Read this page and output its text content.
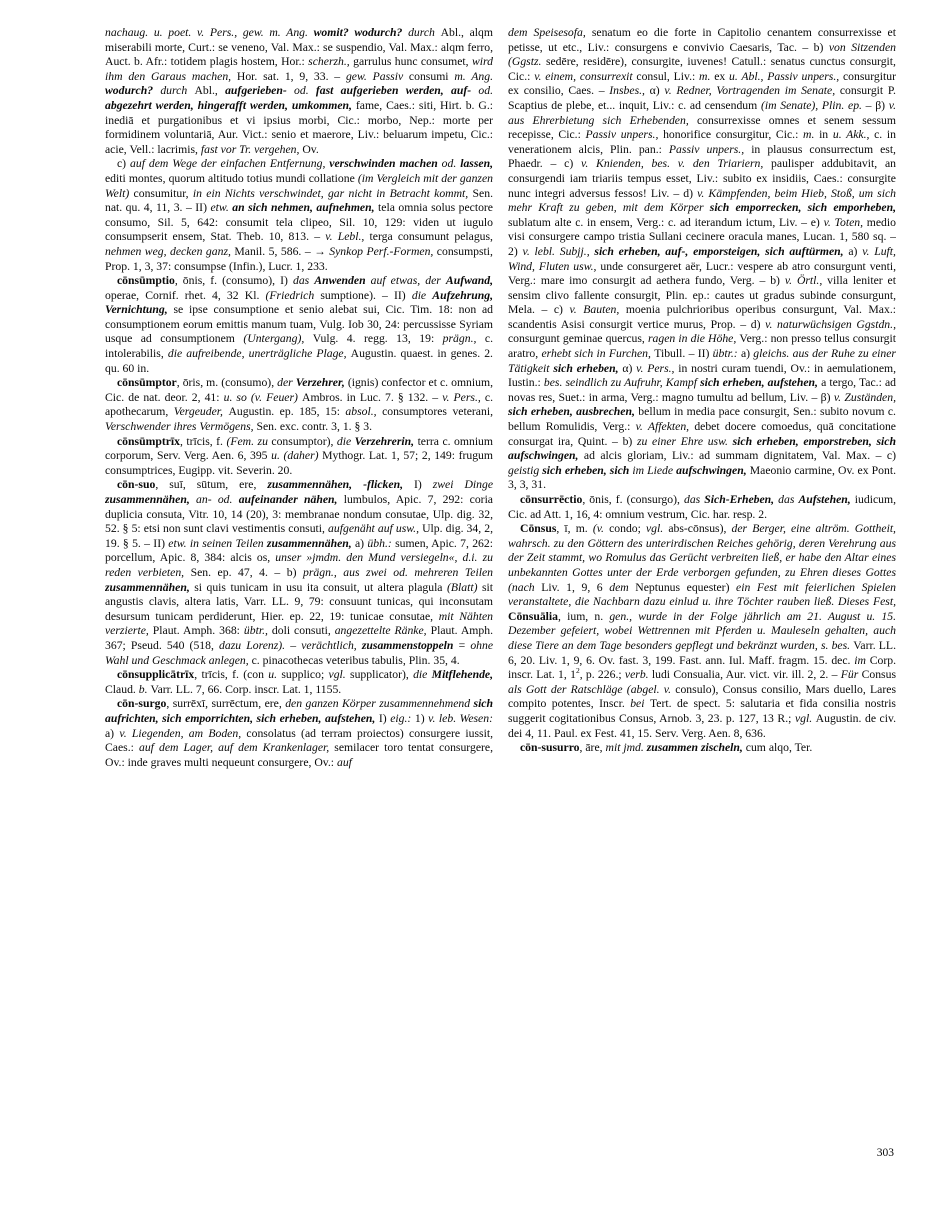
nachaug. u. poet. v. Pers., gew. m. Ang. womit? wodurch? durch Abl., alqm miserabili morte, Curt.: se veneno, Val. Max.: se suspendio, Val. Max.: alqm ferro, Auct. b. Afr.: totidem plagis hostem, Hor.: scherzh., garrulus hunc consumet, wird ihm den Garaus machen, Hor. sat. 1, 9, 33. – gew. Passiv consumi m. Ang. wodurch? durch Abl., aufgerieben- od. fast aufgerieben werden, auf- od. abgezehrt werden, hingerafft werden, umkommen, fame, Caes.: siti, Hirt. b. G.: inediā et purgationibus et vi ipsius morbi, Cic.: morbo, Nep.: morte per formidinem voluntariā, Aur. Vict.: senio et maerore, Liv.: beluarum impetu, Cic.: acie, Vell.: lacrimis, fast vor Tr. vergehen, Ov.

c) auf dem Wege der einfachen Entfernung, verschwinden machen od. lassen, editi montes, quorum altitudo totius mundi collatione (im Vergleich mit der ganzen Welt) consumitur, in ein Nichts verschwindet, gar nicht in Betracht kommt, Sen. nat. qu. 4, 11, 3. – II) etw. an sich nehmen, aufnehmen, tela omnia solus pectore consumo, Sil. 5, 642: consumit tela clipeo, Sil. 10, 129: viden ut iugulo consumpserit ensem, Stat. Theb. 10, 813. – v. Lebl., terga consumunt pelagus, nehmen weg, decken ganz, Manil. 5, 586. – → Synkop Perf.-Formen, consumpsti, Prop. 1, 3, 37: consumpse (Infin.), Lucr. 1, 233.

cōnsūmptio, ōnis, f. (consumo), I) das Anwenden auf etwas, der Aufwand, operae, Cornif. rhet. 4, 32 Kl. (Friedrich sumptione). – II) die Aufzehrung, Vernichtung, se ipse consumptione et senio alebat sui, Cic. Tim. 18: non ad consumptionem eorum emittis manum tuam, Vulg. Iob 30, 24: percussisse Syriam usque ad consumptionem (Untergang), Vulg. 4. regg. 13, 19: prägn., c. intolerabilis, die aufreibende, unerträgliche Plage, Augustin. quaest. in genes. 2. qu. 60 in.

cōnsūmptor, ōris, m. (consumo), der Verzehrer, (ignis) confector et c. omnium, Cic. de nat. deor. 2, 41: u. so (v. Feuer) Ambros. in Luc. 7. § 132. – v. Pers., c. apothecarum, Vergeuder, Augustin. ep. 185, 15: absol., consumptores veterani, Verschwender ihres Vermögens, Sen. exc. contr. 3, 1. § 3.

cōnsūmptrīx, trīcis, f. (Fem. zu consumptor), die Verzehrerin, terra c. omnium corporum, Serv. Verg. Aen. 6, 395 u. (daher) Mythogr. Lat. 1, 57; 2, 149: frugum consumptrices, Eugipp. vit. Severin. 20.

cōn-suo, suī, sūtum, ere, zusammennähen, -flicken, I) zwei Dinge zusammennähen, an- od. aufeinander nähen, lumbulos, Apic. 7, 292: coria duplicia consuta, Vitr. 10, 14 (20), 3: membranae nondum consutae, Ulp. dig. 32, 52. § 5: etsi non sunt clavi vestimentis consuti, aufgenäht auf usw., Ulp. dig. 34, 2, 19. § 5. – II) etw. in seinen Teilen zusammennähen, a) übh.: sumen, Apic. 7, 262: porcellum, Apic. 8, 384: alcis os, unser »jmdm. den Mund versiegeln«, d.i. zu reden verbieten, Sen. ep. 47, 4. – b) prägn., aus zwei od. mehreren Teilen zusammennähen, si quis tunicam in usu ita consuit, ut altera plagula (Blatt) sit angustis clavis, altera latis, Varr. LL. 9, 79: consuunt tunicas, qui inconsutam desursum tunicam perdiderunt, Hier. ep. 22, 19: tunicae consutae, mit Nähten verzierte, Plaut. Amph. 368: übtr., doli consuti, angezettelte Ränke, Plaut. Amph. 367; Pseud. 540 (518, dazu Lorenz). – verächtlich, zusammenstoppeln = ohne Wahl und Geschmack anlegen, c. pinacothecas veteribus tabulis, Plin. 35, 4.

cōnsupplicātrīx, trīcis, f. (con u. supplico; vgl. supplicator), die Mitflehende, Claud. b. Varr. LL. 7, 66. Corp. inscr. Lat. 1, 1155.

cōn-surgo, surrēxī, surrēctum, ere, den ganzen Körper zusammennehmend sich aufrichten, sich emporrichten, sich erheben, aufstehen, I) eig.: 1) v. leb. Wesen: a) v. Liegenden, am Boden, consolatus (ad terram proiectos) consurgere iussit, Caes.: auf dem Lager, auf dem Krankenlager, semilacer toro tentat consurgere, Ov.: inde graves multi nequeunt consurgere, Ov.: auf

dem Speisesofa, senatum eo die forte in Capitolio cenantem consurrexisse et petisse, ut etc., Liv.: consurgens e convivio Caesaris, Tac. – b) von Sitzenden (Ggstz. sedēre, residēre), consurgite, iuvenes! Catull.: senatus cunctus consurgit, Cic.: v. einem, consurrexit consul, Liv.: m. ex u. Abl., Passiv unpers., consurgitur ex consilio, Caes. – Insbes., α) v. Redner, Vortragenden im Senate, consurgit P. Scaptius de plebe, et... inquit, Liv.: c. ad censendum (im Senate), Plin. ep. – β) v. aus Ehrerbietung sich Erhebenden, consurrexisse omnes et senem sessum recepisse, Cic.: Passiv unpers., honorifice consurgitur, Cic.: m. in u. Akk., c. in venerationem alcis, Plin. pan.: Passiv unpers., in plausus consurrectum est, Phaedr. – c) v. Knienden, bes. v. den Triariern, paulisper addubitavit, an consurgendi iam triariis tempus esset, Liv.: subito ex insidiis, Caes.: consurgite nunc integri adversus fessos! Liv. – d) v. Kämpfenden, beim Hieb, Stoß, um sich mehr Kraft zu geben, mit dem Körper sich emporrecken, sich emporheben, sublatum alte c. in ensem, Verg.: c. ad iterandum ictum, Liv. – e) v. Toten, medio visi consurgere campo tristia Sullani cecinere oracula manes, Lucan. 1, 580 sq. – 2) v. lebl. Subjj., sich erheben, auf-, emporsteigen, sich auftürmen, a) v. Luft, Wind, Fluten usw., unde consurgeret aër, Lucr.: vespere ab atro consurgunt venti, Verg.: mare imo consurgit ad aethera fundo, Verg. – b) v. Örtl., villa leniter et sensim clivo fallente consurgit, Plin. ep.: cautes ut gradus subinde consurgunt, Mela. – c) v. Bauten, moenia pulchrioribus operibus consurgunt, Val. Max.: scandentis Asisi consurgit vertice murus, Prop. – d) v. naturwüchsigen Ggstdn., consurgunt geminae quercus, ragen in die Höhe, Verg.: non presso tellus consurgit aratro, erhebt sich in Furchen, Tibull. – II) übtr.: a) gleichs. aus der Ruhe zu einer Tätigkeit sich erheben, α) v. Pers., in nostri curam tuendi, Ov.: in aemulationem, Iustin.: bes. seindlich zu Aufruhr, Kampf sich erheben, aufstehen, a tergo, Tac.: ad novas res, Suet.: in arma, Verg.: magno tumultu ad bellum, Liv. – β) v. Zuständen, sich erheben, ausbrechen, bellum in media pace consurgit, Sen.: subito novum c. bellum Romulidis, Verg.: v. Affekten, debet docere comoedus, quā concitatione consurgat ira, Quint. – b) zu einer Ehre usw. sich erheben, emporstreben, sich aufschwingen, ad alcis gloriam, Liv.: ad summam dignitatem, Val. Max. – c) geistig sich erheben, sich im Liede aufschwingen, Maeonio carmine, Ov. ex Pont. 3, 3, 31.

cōnsurrēctio, ōnis, f. (consurgo), das Sich-Erheben, das Aufstehen, iudicum, Cic. ad Att. 1, 16, 4: omnium vestrum, Cic. har. resp. 2.

Cōnsus, ī, m. (v. condo; vgl. abs-cōnsus), der Berger, eine altröm. Gottheit, wahrsch. zu den Göttern des unterirdischen Reiches gehörig, deren Verehrung aus der Zeit stammt, wo Romulus das Gerücht verbreiten ließ, er habe den Altar eines unbekannten Gottes unter der Erde verborgen gefunden, zu Ehren dieses Gottes (nach Liv. 1, 9, 6 dem Neptunus equester) ein Fest mit feierlichen Spielen veranstaltete, die Nachbarn dazu einlud u. ihre Töchter rauben ließ. Dieses Fest, Cōnsuālia, ium, n. gen., wurde in der Folge jährlich am 21. August u. 15. Dezember gefeiert, wobei Wettrennen mit Pferden u. Mauleseln gehalten, auch diese Tiere an dem Tage besonders gepflegt und bekränzt wurden, s. bes. Varr. LL. 6, 20. Liv. 1, 9, 6. Ov. fast. 3, 199. Fast. ann. Iul. Maff. fragm. 15. dec. im Corp. inscr. Lat. 1, $1^2$, p. 226.; verb. ludi Consualia, Aur. vict. vir. ill. 2, 2. – Für Consus als Gott der Ratschläge (abgel. v. consulo), Consus consilio, Mars duello, Lares compito potentes, Inscr. bei Tert. de spect. 5: salutaria et fida consilia nostris suggerit cogitationibus Consus, Arnob. 3, 23. p. 127, 13 R.; vgl. Augustin. de civ. dei 4, 11. Paul. ex Fest. 41, 15. Serv. Verg. Aen. 8, 636.

cōn-susurro, āre, mit jmd. zusammen zischeln, cum alqo, Ter.

303
